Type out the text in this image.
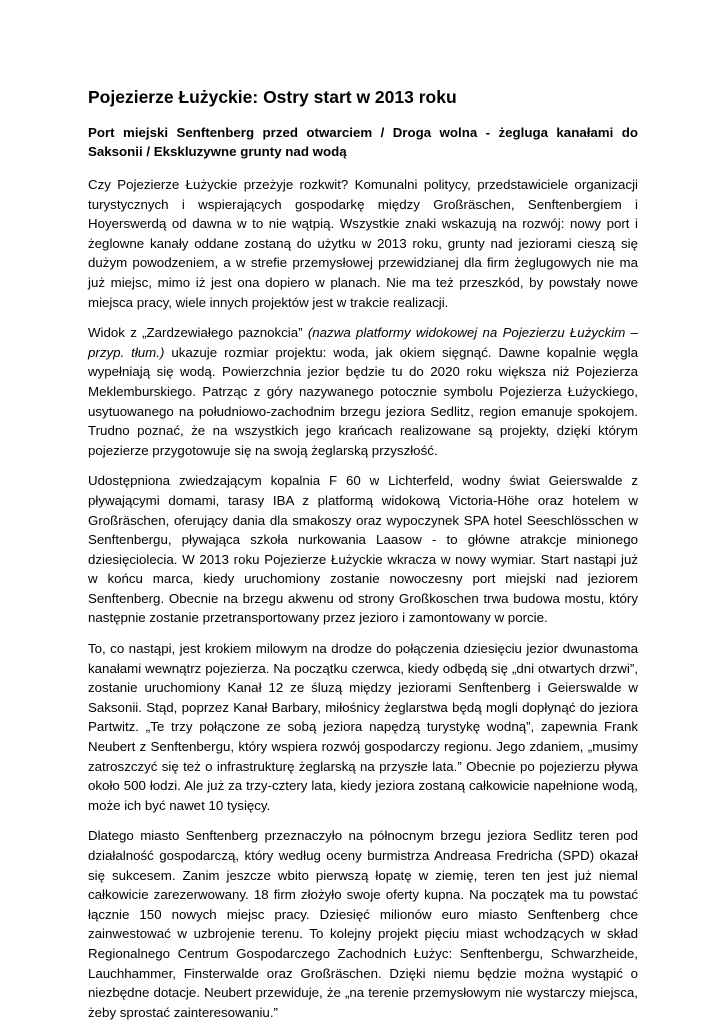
Pojezierze Łużyckie: Ostry start w 2013 roku

Port miejski Senftenberg przed otwarciem / Droga wolna - żegluga kanałami do Saksonii / Ekskluzywne grunty nad wodą

Czy Pojezierze Łużyckie przeżyje rozkwit? Komunalni politycy, przedstawiciele organizacji turystycznych i wspierających gospodarkę między Großräschen, Senftenbergiem i Hoyerswerdą od dawna w to nie wątpią. Wszystkie znaki wskazują na rozwój: nowy port i żeglowne kanały oddane zostaną do użytku w 2013 roku, grunty nad jeziorami cieszą się dużym powodzeniem, a w strefie przemysłowej przewidzianej dla firm żeglugowych nie ma już miejsc, mimo iż jest ona dopiero w planach. Nie ma też przeszkód, by powstały nowe miejsca pracy, wiele innych projektów jest w trakcie realizacji.

Widok z „Zardzewiałego paznokcia” (nazwa platformy widokowej na Pojezierzu Łużyckim – przyp. tłum.) ukazuje rozmiar projektu: woda, jak okiem sięgnąć. Dawne kopalnie węgla wypełniają się wodą. Powierzchnia jezior będzie tu do 2020 roku większa niż Pojezierza Meklemburskiego. Patrząc z góry nazywanego potocznie symbolu Pojezierza Łużyckiego, usytuowanego na południowo-zachodnim brzegu jeziora Sedlitz, region emanuje spokojem. Trudno poznać, że na wszystkich jego krańcach realizowane są projekty, dzięki którym pojezierze przygotowuje się na swoją żeglarską przyszłość.

Udostępniona zwiedzającym kopalnia F 60 w Lichterfeld, wodny świat Geierswalde z pływającymi domami, tarasy IBA z platformą widokową Victoria-Höhe oraz hotelem w Großräschen, oferujący dania dla smakoszy oraz wypoczynek SPA hotel Seeschlösschen w Senftenbergu, pływająca szkoła nurkowania Laasow - to główne atrakcje minionego dziesięciolecia. W 2013 roku Pojezierze Łużyckie wkracza w nowy wymiar. Start nastąpi już w końcu marca, kiedy uruchomiony zostanie nowoczesny port miejski nad jeziorem Senftenberg. Obecnie na brzegu akwenu od strony Großkoschen trwa budowa mostu, który następnie zostanie przetransportowany przez jezioro i zamontowany w porcie.

To, co nastąpi, jest krokiem milowym na drodze do połączenia dziesięciu jezior dwunastoma kanałami wewnątrz pojezierza. Na początku czerwca, kiedy odbędą się „dni otwartych drzwi”, zostanie uruchomiony Kanał 12 ze śluzą między jeziorami Senftenberg i Geierswalde w Saksonii. Stąd, poprzez Kanał Barbary, miłośnicy żeglarstwa będą mogli dopłynąć do jeziora Partwitz. „Te trzy połączone ze sobą jeziora napędzą turystykę wodną”, zapewnia Frank Neubert z Senftenbergu, który wspiera rozwój gospodarczy regionu. Jego zdaniem, „musimy zatroszczyć się też o infrastrukturę żeglarską na przyszłe lata.” Obecnie po pojezierzu pływa około 500 łodzi. Ale już za trzy-cztery lata, kiedy jeziora zostaną całkowicie napełnione wodą, może ich być nawet 10 tysięcy.

Dlatego miasto Senftenberg przeznaczyło na północnym brzegu jeziora Sedlitz teren pod działalność gospodarczą, który według oceny burmistrza Andreasa Fredricha (SPD) okazał się sukcesem. Zanim jeszcze wbito pierwszą łopatę w ziemię, teren ten jest już niemal całkowicie zarezerwowany. 18 firm złożyło swoje oferty kupna. Na początek ma tu powstać łącznie 150 nowych miejsc pracy. Dziesięć milionów euro miasto Senftenberg chce zainwestować w uzbrojenie terenu. To kolejny projekt pięciu miast wchodzących w skład Regionalnego Centrum Gospodarczego Zachodnich Łużyc: Senftenbergu, Schwarzheide, Lauchhammer, Finsterwalde oraz Großräschen. Dzięki niemu będzie można wystąpić o niezbędne dotacje. Neubert przewiduje, że „na terenie przemysłowym nie wystarczy miejsca, żeby sprostać zainteresowaniu.”
